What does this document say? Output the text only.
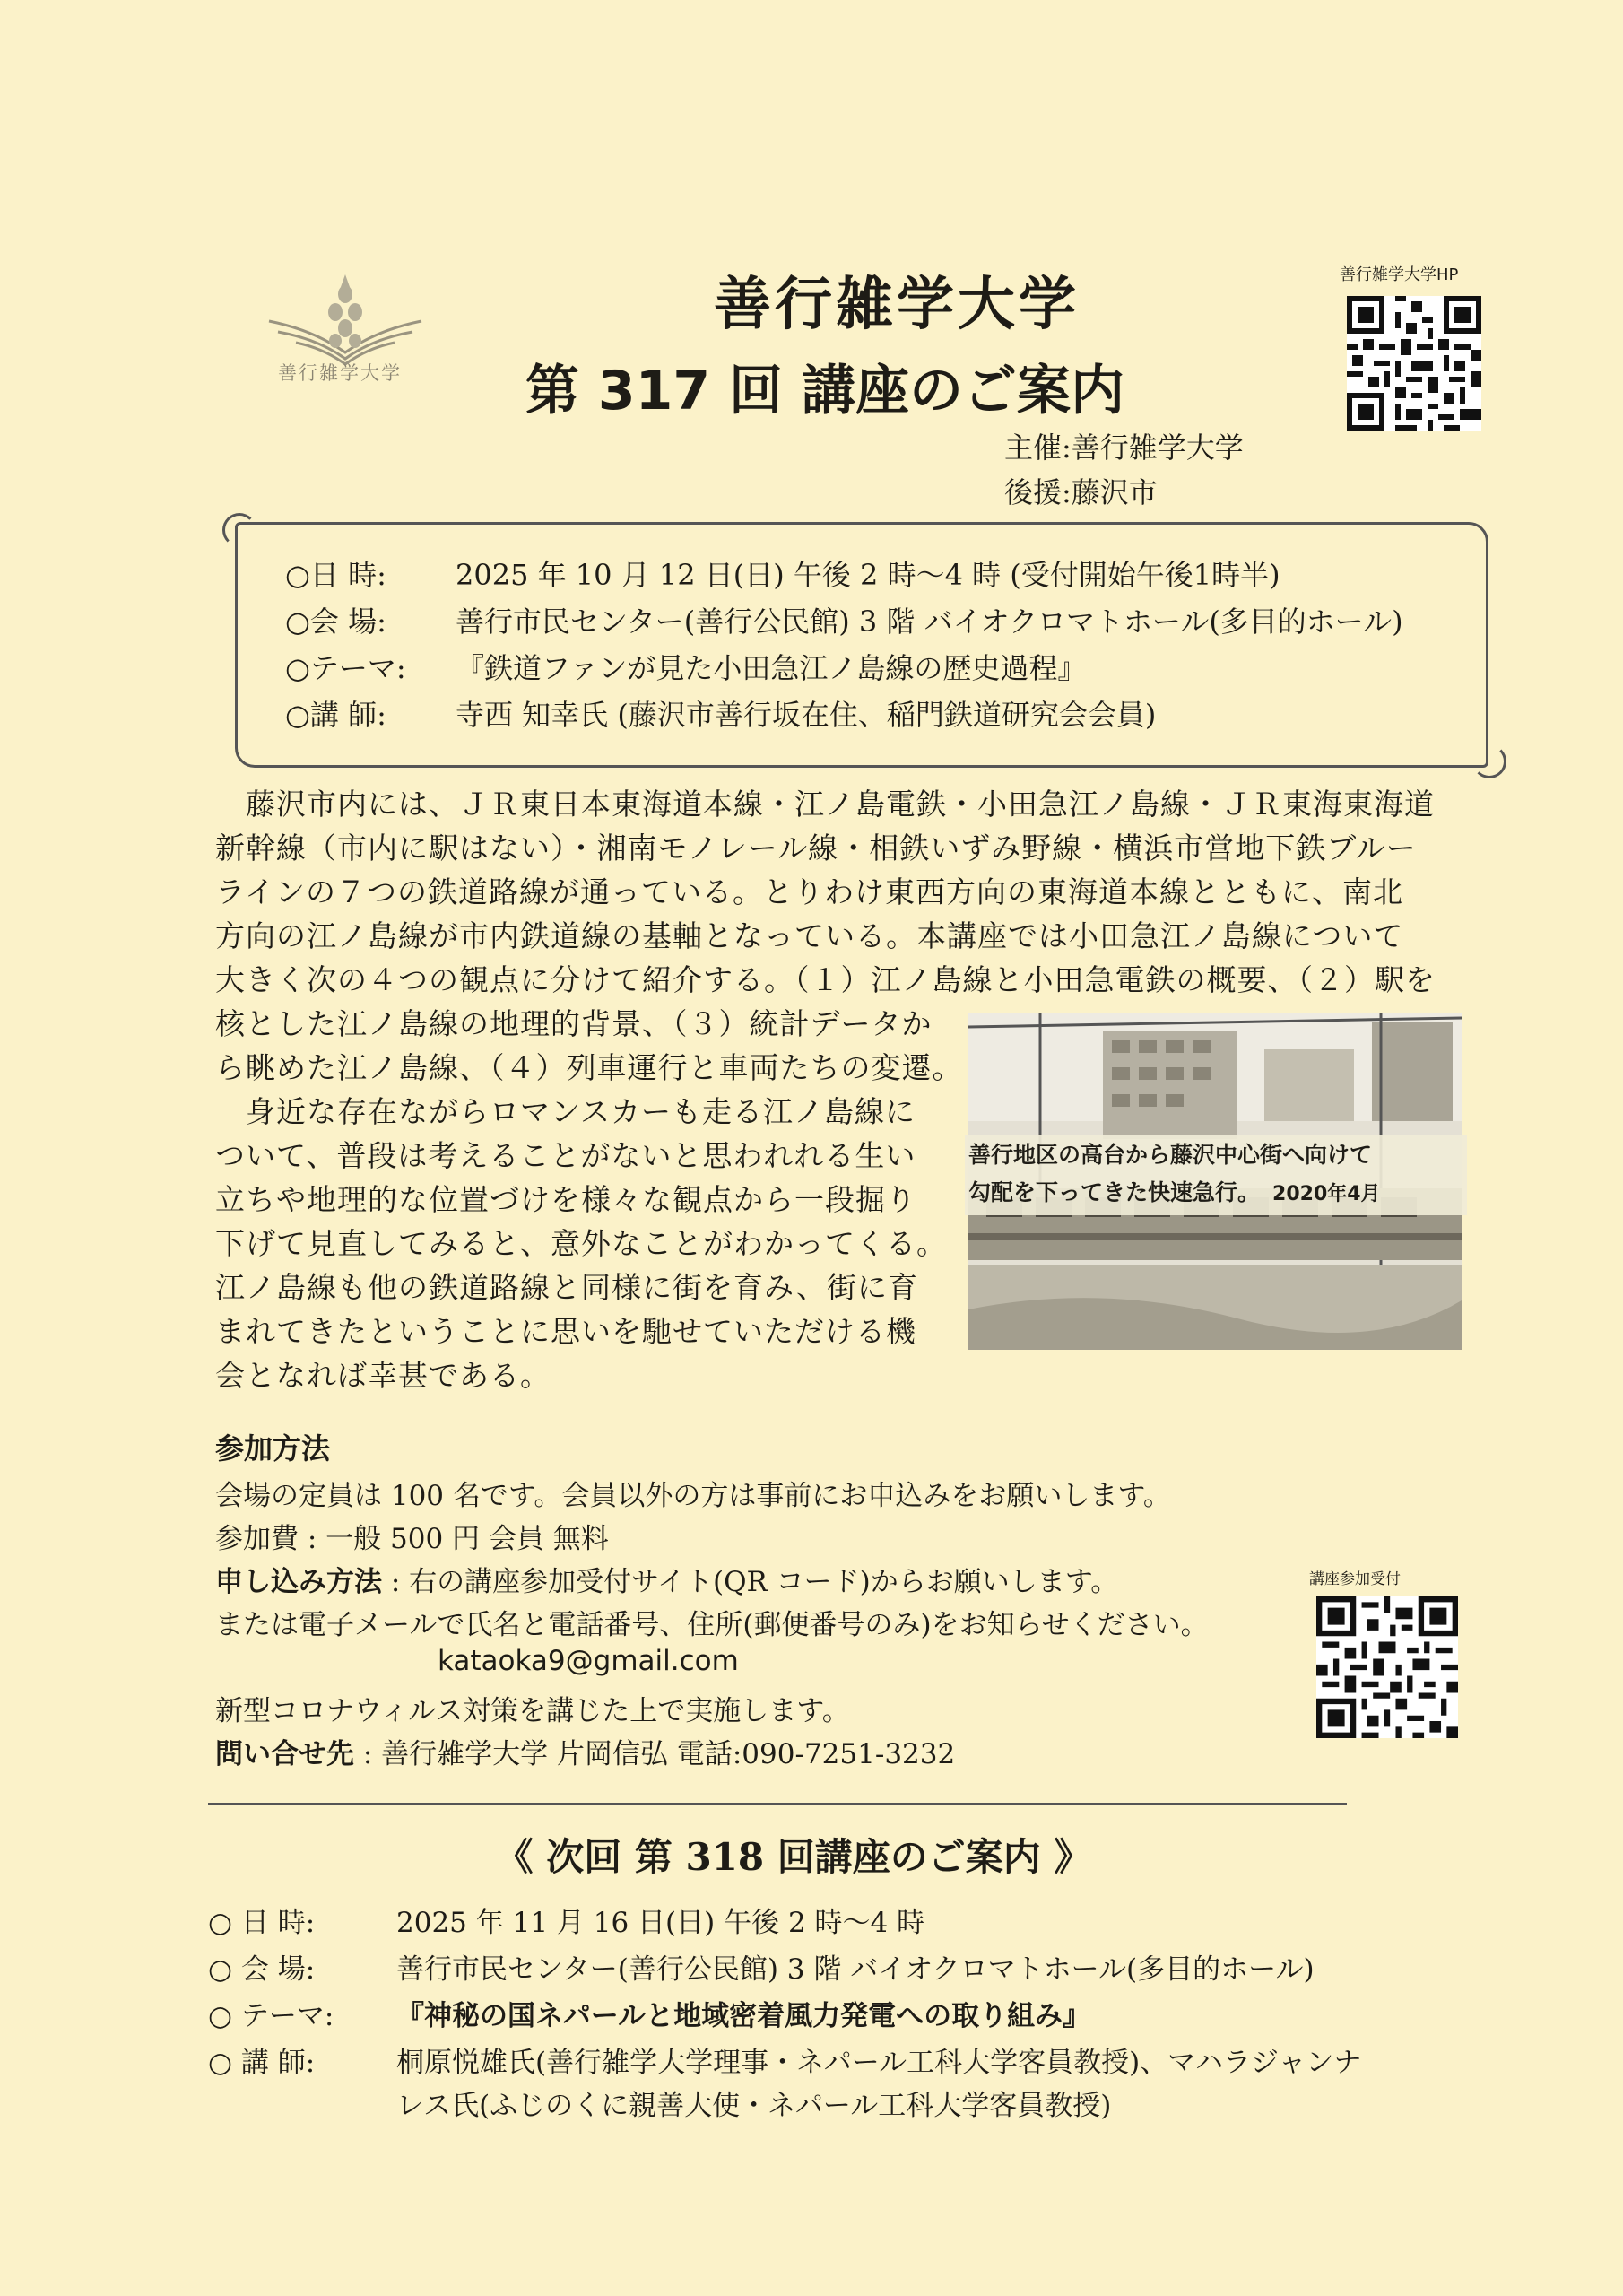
善行雑学大学
善行雑学大学
第 317 回 講座のご案内
善行雑学大学HP
主催:善行雑学大学
後援:藤沢市
○日 時: 2025 年 10 月 12 日(日) 午後 2 時～4 時 (受付開始午後1時半)
○会 場: 善行市民センター(善行公民館) 3 階 バイオクロマトホール(多目的ホール)
○テーマ: 『鉄道ファンが見た小田急江ノ島線の歴史過程』
○講 師: 寺西 知幸氏 (藤沢市善行坂在住、稲門鉄道研究会会員)
　藤沢市内には、ＪＲ東日本東海道本線・江ノ島電鉄・小田急江ノ島線・ＪＲ東海東海道
新幹線（市内に駅はない）・湘南モノレール線・相鉄いずみ野線・横浜市営地下鉄ブルー
ラインの７つの鉄道路線が通っている。とりわけ東西方向の東海道本線とともに、南北
方向の江ノ島線が市内鉄道線の基軸となっている。本講座では小田急江ノ島線について
大きく次の４つの観点に分けて紹介する。（１）江ノ島線と小田急電鉄の概要、（２）駅を
核とした江ノ島線の地理的背景、（３）統計データか
ら眺めた江ノ島線、（４）列車運行と車両たちの変遷。
　身近な存在ながらロマンスカーも走る江ノ島線に
ついて、普段は考えることがないと思われれる生い
立ちや地理的な位置づけを様々な観点から一段掘り
下げて見直してみると、意外なことがわかってくる。
江ノ島線も他の鉄道路線と同様に街を育み、街に育
まれてきたということに思いを馳せていただける機
会となれば幸甚である。
善行地区の高台から藤沢中心街へ向けて
勾配を下ってきた快速急行。 2020年4月
参加方法
会場の定員は 100 名です。会員以外の方は事前にお申込みをお願いします。
参加費 : 一般 500 円 会員 無料
申し込み方法 : 右の講座参加受付サイト(QR コード)からお願いします。
または電子メールで氏名と電話番号、住所(郵便番号のみ)をお知らせください。
kataoka9@gmail.com
新型コロナウィルス対策を講じた上で実施します。
問い合せ先 : 善行雑学大学 片岡信弘 電話:090-7251-3232
講座参加受付
《 次回 第 318 回講座のご案内 》
○ 日 時:	2025 年 11 月 16 日(日) 午後 2 時～4 時
○ 会 場:	善行市民センター(善行公民館) 3 階 バイオクロマトホール(多目的ホール)
○ テーマ: 『神秘の国ネパールと地域密着風力発電への取り組み』
○ 講 師:	桐原悦雄氏(善行雑学大学理事・ネパール工科大学客員教授)、マハラジャンナ
レス氏(ふじのくに親善大使・ネパール工科大学客員教授)
